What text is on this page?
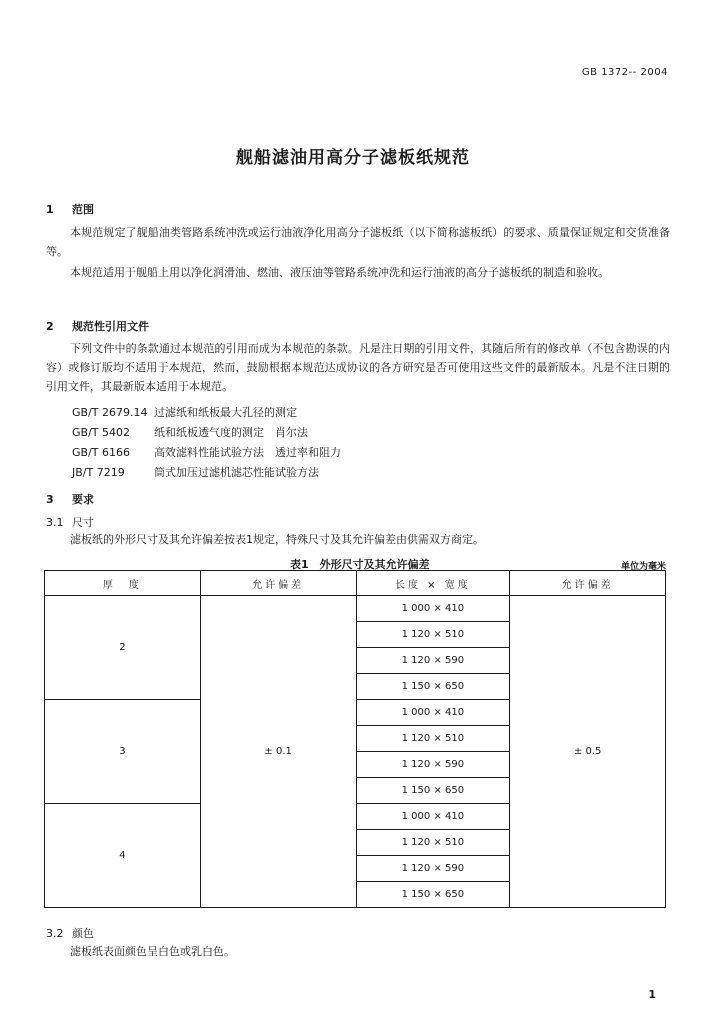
GB 1372-- 2004
舰船滤油用高分子滤板纸规范
1 范围
本规范规定了舰船油类管路系统冲洗或运行油液净化用高分子滤板纸（以下简称滤板纸）的要求、质量保证规定和交货准备等。
本规范适用于舰船上用以净化润滑油、燃油、液压油等管路系统冲洗和运行油液的高分子滤板纸的制造和验收。
2 规范性引用文件
下列文件中的条款通过本规范的引用而成为本规范的条款。凡是注日期的引用文件，其随后所有的修改单（不包含勘误的内容）或修订版均不适用于本规范，然而，鼓励根据本规范达成协议的各方研究是否可使用这些文件的最新版本。凡是不注日期的引用文件，其最新版本适用于本规范。
GB/T 2679.14 过滤纸和纸板最大孔径的测定
GB/T 5402 纸和纸板透气度的测定　肖尔法
GB/T 6166 高效滤料性能试验方法　透过率和阻力
JB/T 7219	筒式加压过滤机滤芯性能试验方法
3 要求
3.1 尺寸
滤板纸的外形尺寸及其允许偏差按表1规定，特殊尺寸及其允许偏差由供需双方商定。
表1　外形尺寸及其允许偏差	单位为毫米
厚　度	允许偏差	长度 × 宽度	允许偏差
2	± 0.1	1 000 × 410	± 0.5
		1 120 × 510	
		1 120 × 590	
		1 150 × 650	
3		1 000 × 410	
		1 120 × 510	
		1 120 × 590	
		1 150 × 650	
4		1 000 × 410	
		1 120 × 510	
		1 120 × 590	
		1 150 × 650	
3.2 颜色
滤板纸表面颜色呈白色或乳白色。
1
